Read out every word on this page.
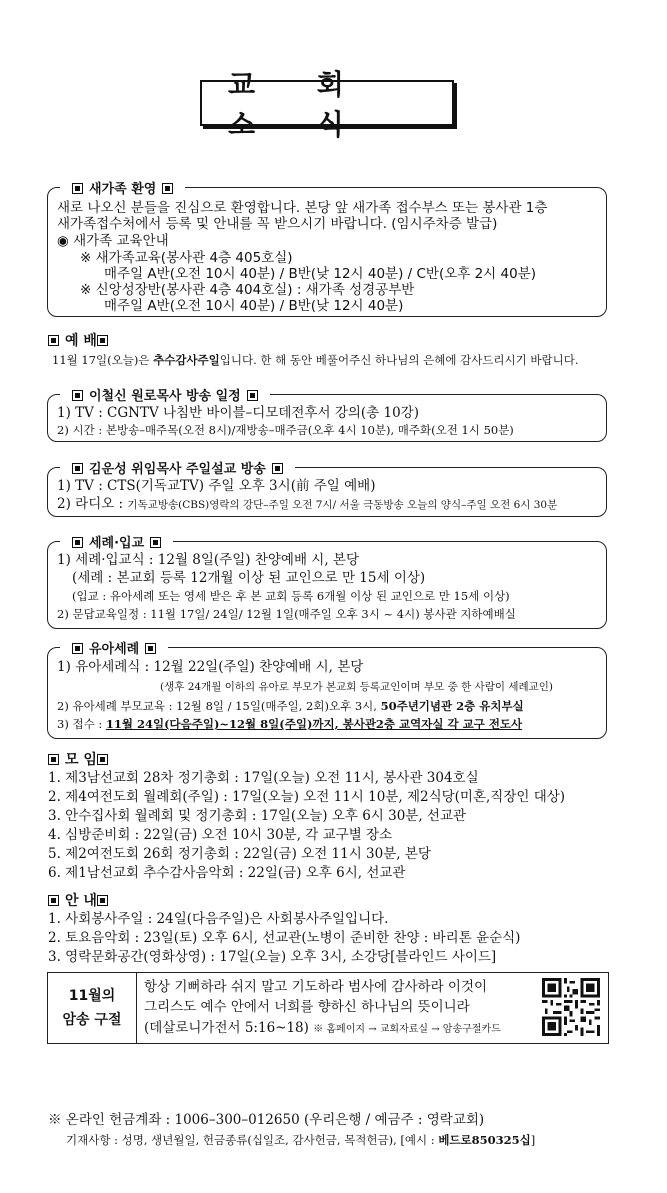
교 회 소 식
새가족 환영
새로 나오신 분들을 진심으로 환영합니다. 본당 앞 새가족 접수부스 또는 봉사관 1층
새가족접수처에서 등록 및 안내를 꼭 받으시기 바랍니다. (임시주차증 발급)
◉ 새가족 교육안내
※ 새가족교육(봉사관 4층 405호실)
매주일 A반(오전 10시 40분) / B반(낮 12시 40분) / C반(오후 2시 40분)
※ 신앙성장반(봉사관 4층 404호실) : 새가족 성경공부반
매주일 A반(오전 10시 40분) / B반(낮 12시 40분)
예 배
11월 17일(오늘)은 추수감사주일입니다. 한 해 동안 베풀어주신 하나님의 은혜에 감사드리시기 바랍니다.
이철신 원로목사 방송 일정
1) TV : CGNTV 나침반 바이블–디모데전후서 강의(총 10강)
2) 시간 : 본방송–매주목(오전 8시)/재방송–매주금(오후 4시 10분), 매주화(오전 1시 50분)
김운성 위임목사 주일설교 방송
1) TV : CTS(기독교TV) 주일 오후 3시(前 주일 예배)
2) 라디오 : 기독교방송(CBS)영락의 강단–주일 오전 7시/ 서울 극동방송 오늘의 양식–주일 오전 6시 30분
세례·입교
1) 세례·입교식 : 12월 8일(주일) 찬양예배 시, 본당
(세례 : 본교회 등록 12개월 이상 된 교인으로 만 15세 이상)
(입교 : 유아세례 또는 영세 받은 후 본 교회 등록 6개월 이상 된 교인으로 만 15세 이상)
2) 문답교육일정 : 11월 17일/ 24일/ 12월 1일(매주일 오후 3시 ~ 4시) 봉사관 지하예배실
유아세례
1) 유아세례식 : 12월 22일(주일) 찬양예배 시, 본당
(생후 24개월 이하의 유아로 부모가 본교회 등록교인이며 부모 중 한 사람이 세례교인)
2) 유아세례 부모교육 : 12월 8일 / 15일(매주일, 2회)오후 3시, 50주년기념관 2층 유치부실
3) 접수 : 11월 24일(다음주일)~12월 8일(주일)까지, 봉사관2층 교역자실 각 교구 전도사
모 임
1. 제3남선교회 28차 정기총회 : 17일(오늘) 오전 11시, 봉사관 304호실
2. 제4여전도회 월례회(주일) : 17일(오늘) 오전 11시 10분, 제2식당(미혼,직장인 대상)
3. 안수집사회 월례회 및 정기총회 : 17일(오늘) 오후 6시 30분, 선교관
4. 심방준비회 : 22일(금) 오전 10시 30분, 각 교구별 장소
5. 제2여전도회 26회 정기총회 : 22일(금) 오전 11시 30분, 본당
6. 제1남선교회 추수감사음악회 : 22일(금) 오후 6시, 선교관
안 내
1. 사회봉사주일 : 24일(다음주일)은 사회봉사주일입니다.
2. 토요음악회 : 23일(토) 오후 6시, 선교관(노병이 준비한 찬양 : 바리톤 윤순식)
3. 영락문화공간(영화상영) : 17일(오늘) 오후 3시, 소강당[블라인드 사이드]
11월의
암송 구절
항상 기뻐하라 쉬지 말고 기도하라 범사에 감사하라 이것이
그리스도 예수 안에서 너희를 향하신 하나님의 뜻이니라
(데살로니가전서 5:16~18) ※ 홈페이지 → 교회자료실 → 암송구절카드
※ 온라인 헌금계좌 : 1006–300–012650 (우리은행 / 예금주 : 영락교회)
기재사항 : 성명, 생년월일, 헌금종류(십일조, 감사헌금, 목적헌금), [예시 : 베드로850325십]
